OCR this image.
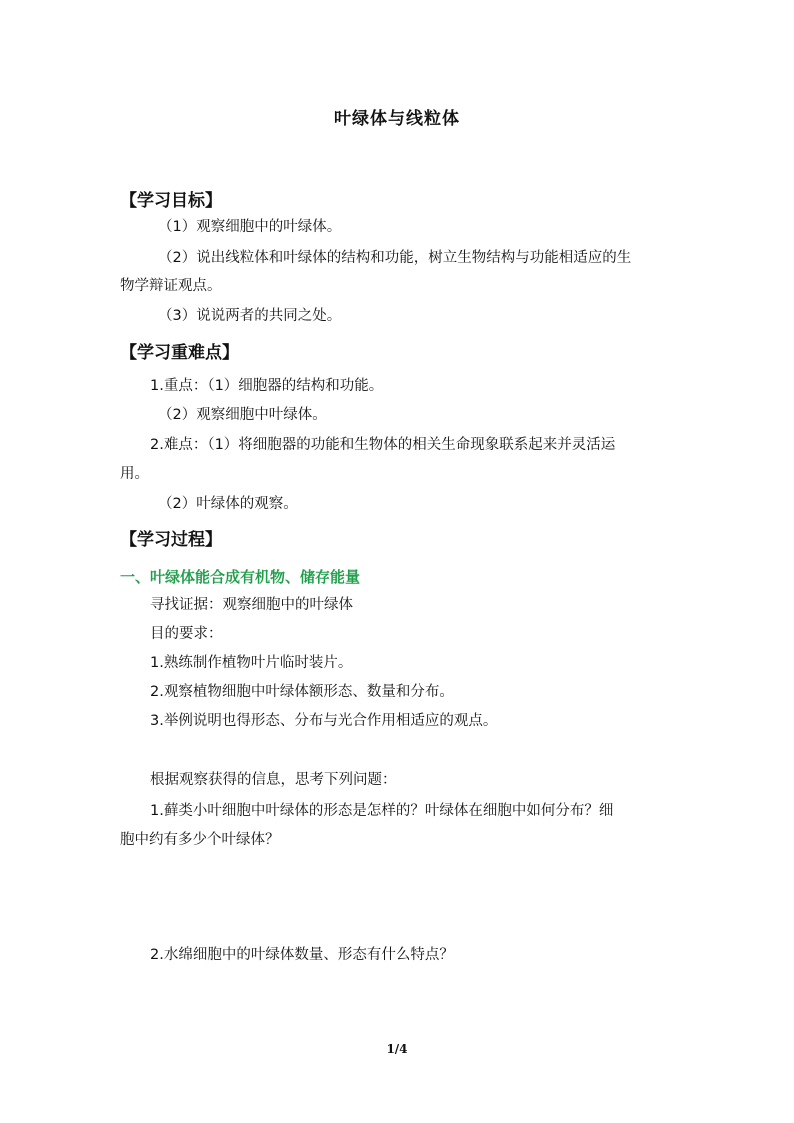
叶绿体与线粒体
【学习目标】
（1）观察细胞中的叶绿体。
（2）说出线粒体和叶绿体的结构和功能，树立生物结构与功能相适应的生
物学辩证观点。
（3）说说两者的共同之处。
【学习重难点】
1.重点：（1）细胞器的结构和功能。
（2）观察细胞中叶绿体。
2.难点：（1）将细胞器的功能和生物体的相关生命现象联系起来并灵活运
用。
（2）叶绿体的观察。
【学习过程】
一、叶绿体能合成有机物、储存能量
寻找证据：观察细胞中的叶绿体
目的要求：
1.熟练制作植物叶片临时装片。
2.观察植物细胞中叶绿体额形态、数量和分布。
3.举例说明也得形态、分布与光合作用相适应的观点。
根据观察获得的信息，思考下列问题：
1.藓类小叶细胞中叶绿体的形态是怎样的？叶绿体在细胞中如何分布？细
胞中约有多少个叶绿体？
2.水绵细胞中的叶绿体数量、形态有什么特点？
1/4
